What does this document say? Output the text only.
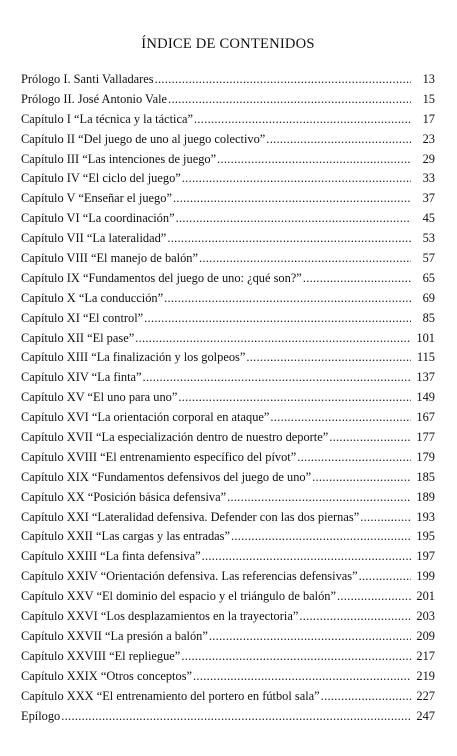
ÍNDICE DE CONTENIDOS
Prólogo I. Santi Valladares .....	13
Prólogo II. José Antonio Vale .....	15
Capítulo I “La técnica y la táctica” .....	17
Capítulo II “Del juego de uno al juego colectivo” .....	23
Capítulo III “Las intenciones de juego” .....	29
Capítulo IV “El ciclo del juego” .....	33
Capítulo V “Enseñar el juego” .....	37
Capítulo VI “La coordinación” .....	45
Capítulo VII “La lateralidad” .....	53
Capítulo VIII “El manejo de balón” .....	57
Capítulo IX “Fundamentos del juego de uno: ¿qué son?” .....	65
Capítulo X “La conducción” .....	69
Capítulo XI “El control” .....	85
Capítulo XII “El pase” .....	101
Capítulo XIII “La finalización y los golpeos” .....	115
Capítulo XIV “La finta” .....	137
Capítulo XV “El uno para uno” .....	149
Capítulo XVI “La orientación corporal en ataque” .....	167
Capítulo XVII “La especialización dentro de nuestro deporte” .....	177
Capítulo XVIII “El entrenamiento específico del pívot” .....	179
Capítulo XIX “Fundamentos defensivos del juego de uno” .....	185
Capítulo XX “Posición básica defensiva” .....	189
Capítulo XXI “Lateralidad defensiva. Defender con las dos piernas” .....	193
Capítulo XXII “Las cargas y las entradas” .....	195
Capítulo XXIII “La finta defensiva” .....	197
Capítulo XXIV “Orientación defensiva. Las referencias defensivas” .....	199
Capítulo XXV “El dominio del espacio y el triángulo de balón” .....	201
Capítulo XXVI “Los desplazamientos en la trayectoria” .....	203
Capítulo XXVII “La presión a balón” .....	209
Capítulo XXVIII “El repliegue” .....	217
Capítulo XXIX “Otros conceptos” .....	219
Capítulo XXX “El entrenamiento del portero en fútbol sala” .....	227
Epílogo .....	247
